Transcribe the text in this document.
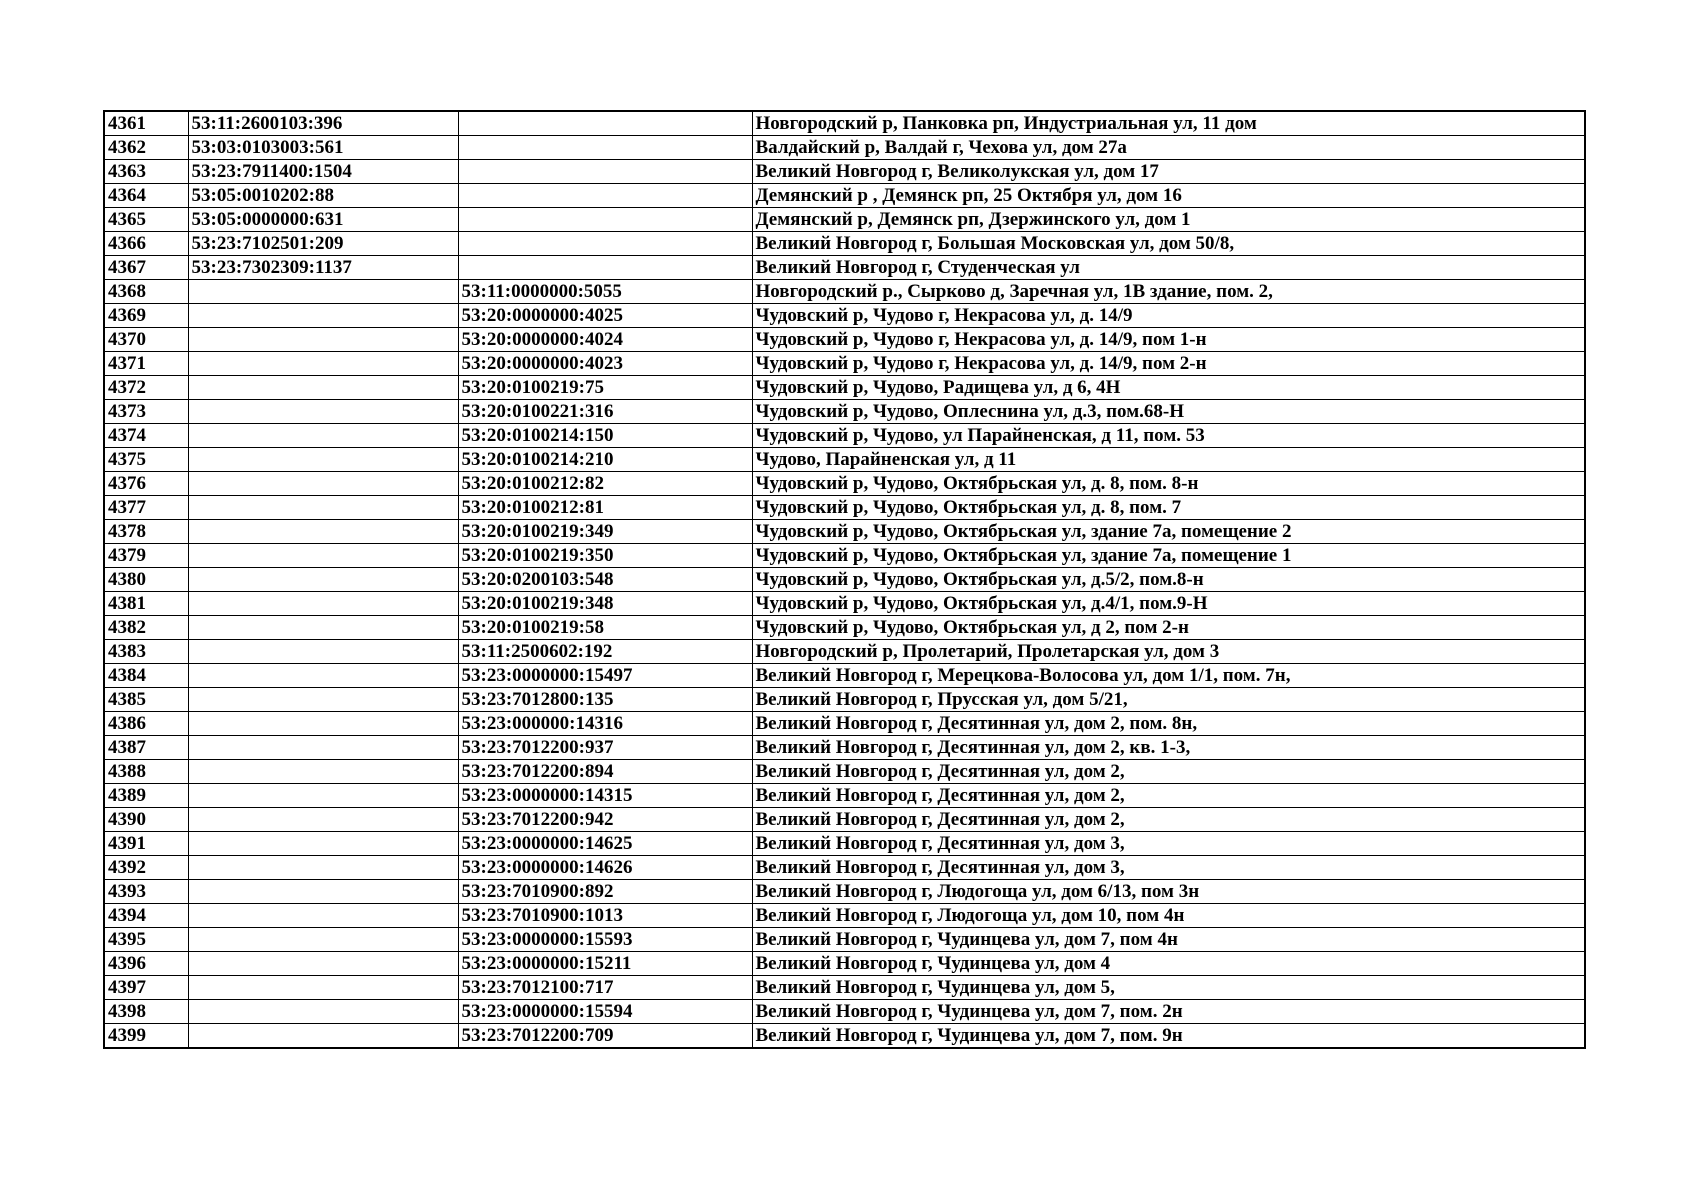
4361	53:11:2600103:396		Новгородский р, Панковка рп, Индустриальная ул, 11 дом
4362	53:03:0103003:561		Валдайский р, Валдай г, Чехова ул, дом 27а
4363	53:23:7911400:1504		Великий Новгород г, Великолукская ул, дом 17
4364	53:05:0010202:88		Демянский р , Демянск рп, 25 Октября ул, дом 16
4365	53:05:0000000:631		Демянский р, Демянск рп, Дзержинского ул, дом 1
4366	53:23:7102501:209		Великий Новгород г, Большая Московская ул, дом 50/8,
4367	53:23:7302309:1137		Великий Новгород г, Студенческая ул
4368		53:11:0000000:5055	Новгородский р., Сырково д, Заречная ул, 1В здание, пом. 2,
4369		53:20:0000000:4025	Чудовский р, Чудово г, Некрасова ул, д. 14/9
4370		53:20:0000000:4024	Чудовский р, Чудово г, Некрасова ул, д. 14/9, пом 1-н
4371		53:20:0000000:4023	Чудовский р, Чудово г, Некрасова ул, д. 14/9, пом 2-н
4372		53:20:0100219:75	Чудовский р, Чудово, Радищева ул, д 6, 4Н
4373		53:20:0100221:316	Чудовский р, Чудово, Оплеснина ул, д.3, пом.68-Н
4374		53:20:0100214:150	Чудовский р, Чудово, ул Парайненская, д 11, пом. 53
4375		53:20:0100214:210	Чудово, Парайненская ул, д 11
4376		53:20:0100212:82	Чудовский р, Чудово, Октябрьская ул, д. 8, пом. 8-н
4377		53:20:0100212:81	Чудовский р, Чудово, Октябрьская ул, д. 8, пом. 7
4378		53:20:0100219:349	Чудовский р, Чудово, Октябрьская ул, здание 7а, помещение 2
4379		53:20:0100219:350	Чудовский р, Чудово, Октябрьская ул, здание 7а, помещение 1
4380		53:20:0200103:548	Чудовский р, Чудово, Октябрьская ул, д.5/2, пом.8-н
4381		53:20:0100219:348	Чудовский р, Чудово, Октябрьская ул, д.4/1, пом.9-Н
4382		53:20:0100219:58	Чудовский р, Чудово, Октябрьская ул, д 2, пом 2-н
4383		53:11:2500602:192	Новгородский р, Пролетарий, Пролетарская ул, дом 3
4384		53:23:0000000:15497	Великий Новгород г, Мерецкова-Волосова ул, дом 1/1, пом. 7н,
4385		53:23:7012800:135	Великий Новгород г, Прусская ул, дом 5/21,
4386		53:23:000000:14316	Великий Новгород г, Десятинная ул, дом 2, пом. 8н,
4387		53:23:7012200:937	Великий Новгород г, Десятинная ул, дом 2, кв. 1-3,
4388		53:23:7012200:894	Великий Новгород г, Десятинная ул, дом 2,
4389		53:23:0000000:14315	Великий Новгород г, Десятинная ул, дом 2,
4390		53:23:7012200:942	Великий Новгород г, Десятинная ул, дом 2,
4391		53:23:0000000:14625	Великий Новгород г, Десятинная ул, дом 3,
4392		53:23:0000000:14626	Великий Новгород г, Десятинная ул, дом 3,
4393		53:23:7010900:892	Великий Новгород г, Людогоща ул, дом 6/13, пом 3н
4394		53:23:7010900:1013	Великий Новгород г, Людогоща ул, дом 10, пом 4н
4395		53:23:0000000:15593	Великий Новгород г, Чудинцева ул, дом 7, пом 4н
4396		53:23:0000000:15211	Великий Новгород г, Чудинцева ул, дом 4
4397		53:23:7012100:717	Великий Новгород г, Чудинцева ул, дом 5,
4398		53:23:0000000:15594	Великий Новгород г, Чудинцева ул, дом 7, пом. 2н
4399		53:23:7012200:709	Великий Новгород г, Чудинцева ул, дом 7, пом. 9н
